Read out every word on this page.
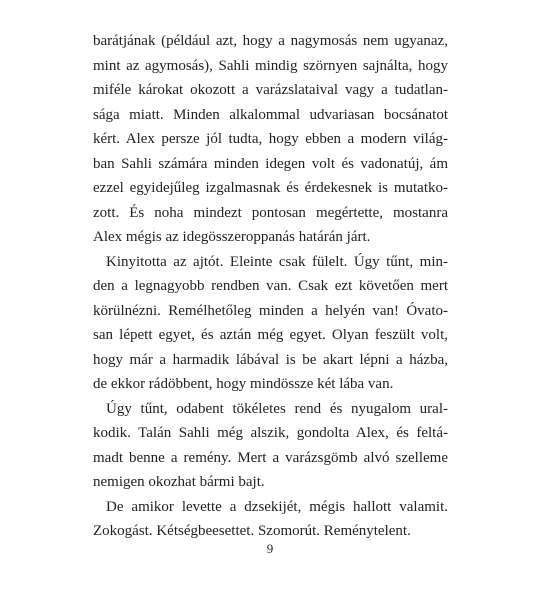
barátjának (például azt, hogy a nagymosás nem ugyanaz,
mint az agymosás), Sahli mindig szörnyen sajnálta, hogy
miféle károkat okozott a varázslataival vagy a tudatlan-
sága miatt. Minden alkalommal udvariasan bocsánatot
kért. Alex persze jól tudta, hogy ebben a modern világ-
ban Sahli számára minden idegen volt és vadonatúj, ám
ezzel egyidejűleg izgalmasnak és érdekesnek is mutatko-
zott. És noha mindezt pontosan megértette, mostanra
Alex mégis az idegösszeroppanás határán járt.
Kinyitotta az ajtót. Eleinte csak fülelt. Úgy tűnt, min-
den a legnagyobb rendben van. Csak ezt követően mert
körülnézni. Remélhetőleg minden a helyén van! Óvato-
san lépett egyet, és aztán még egyet. Olyan feszült volt,
hogy már a harmadik lábával is be akart lépni a házba,
de ekkor rádöbbent, hogy mindössze két lába van.
Úgy tűnt, odabent tökéletes rend és nyugalom ural-
kodik. Talán Sahli még alszik, gondolta Alex, és feltá-
madt benne a remény. Mert a varázsgömb alvó szelleme
nemigen okozhat bármi bajt.
De amikor levette a dzsekijét, mégis hallott valamit.
Zokogást. Kétségbeesettet. Szomorút. Reménytelent.
9
